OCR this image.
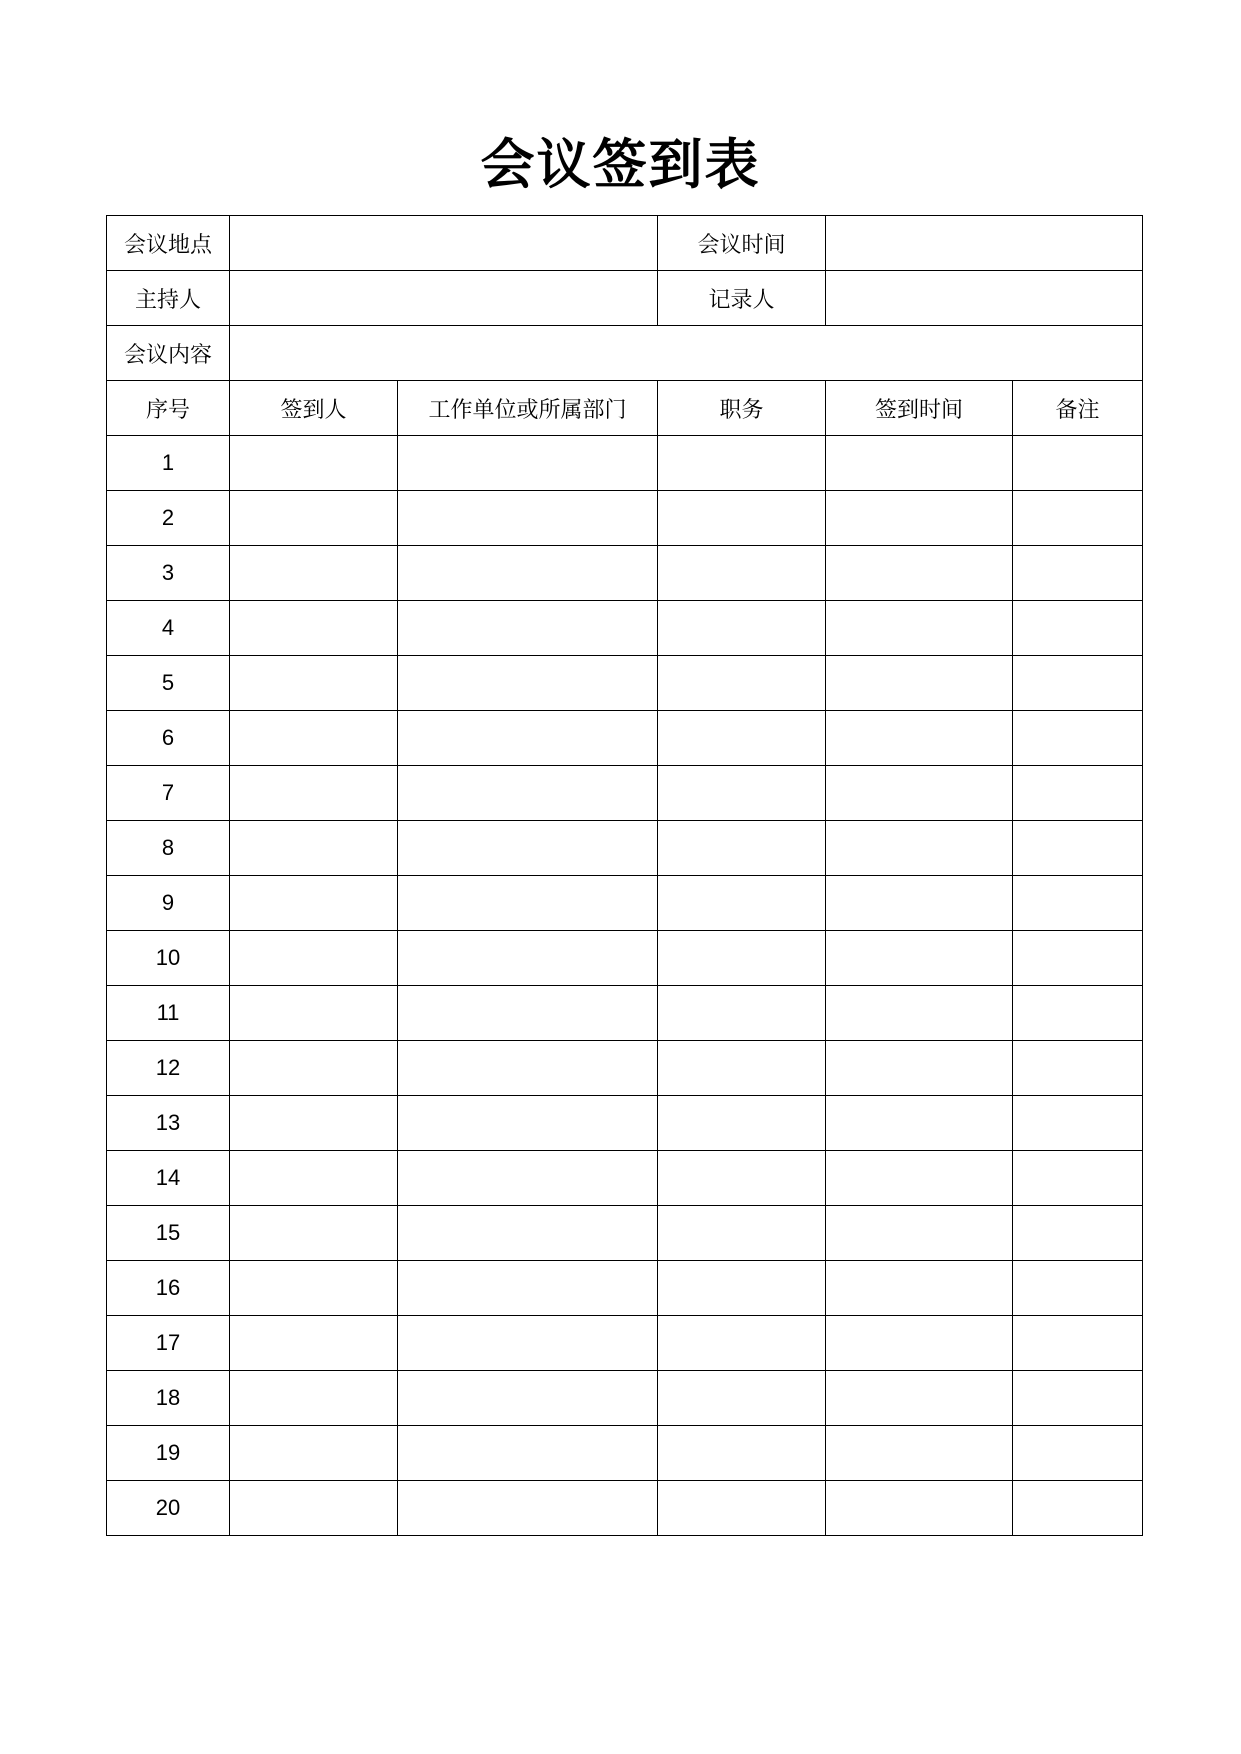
会议签到表
会议地点			会议时间		
主持人			记录人		
会议内容					
序号	签到人	工作单位或所属部门	职务	签到时间	备注
1					
2					
3					
4					
5					
6					
7					
8					
9					
10					
11					
12					
13					
14					
15					
16					
17					
18					
19					
20					
